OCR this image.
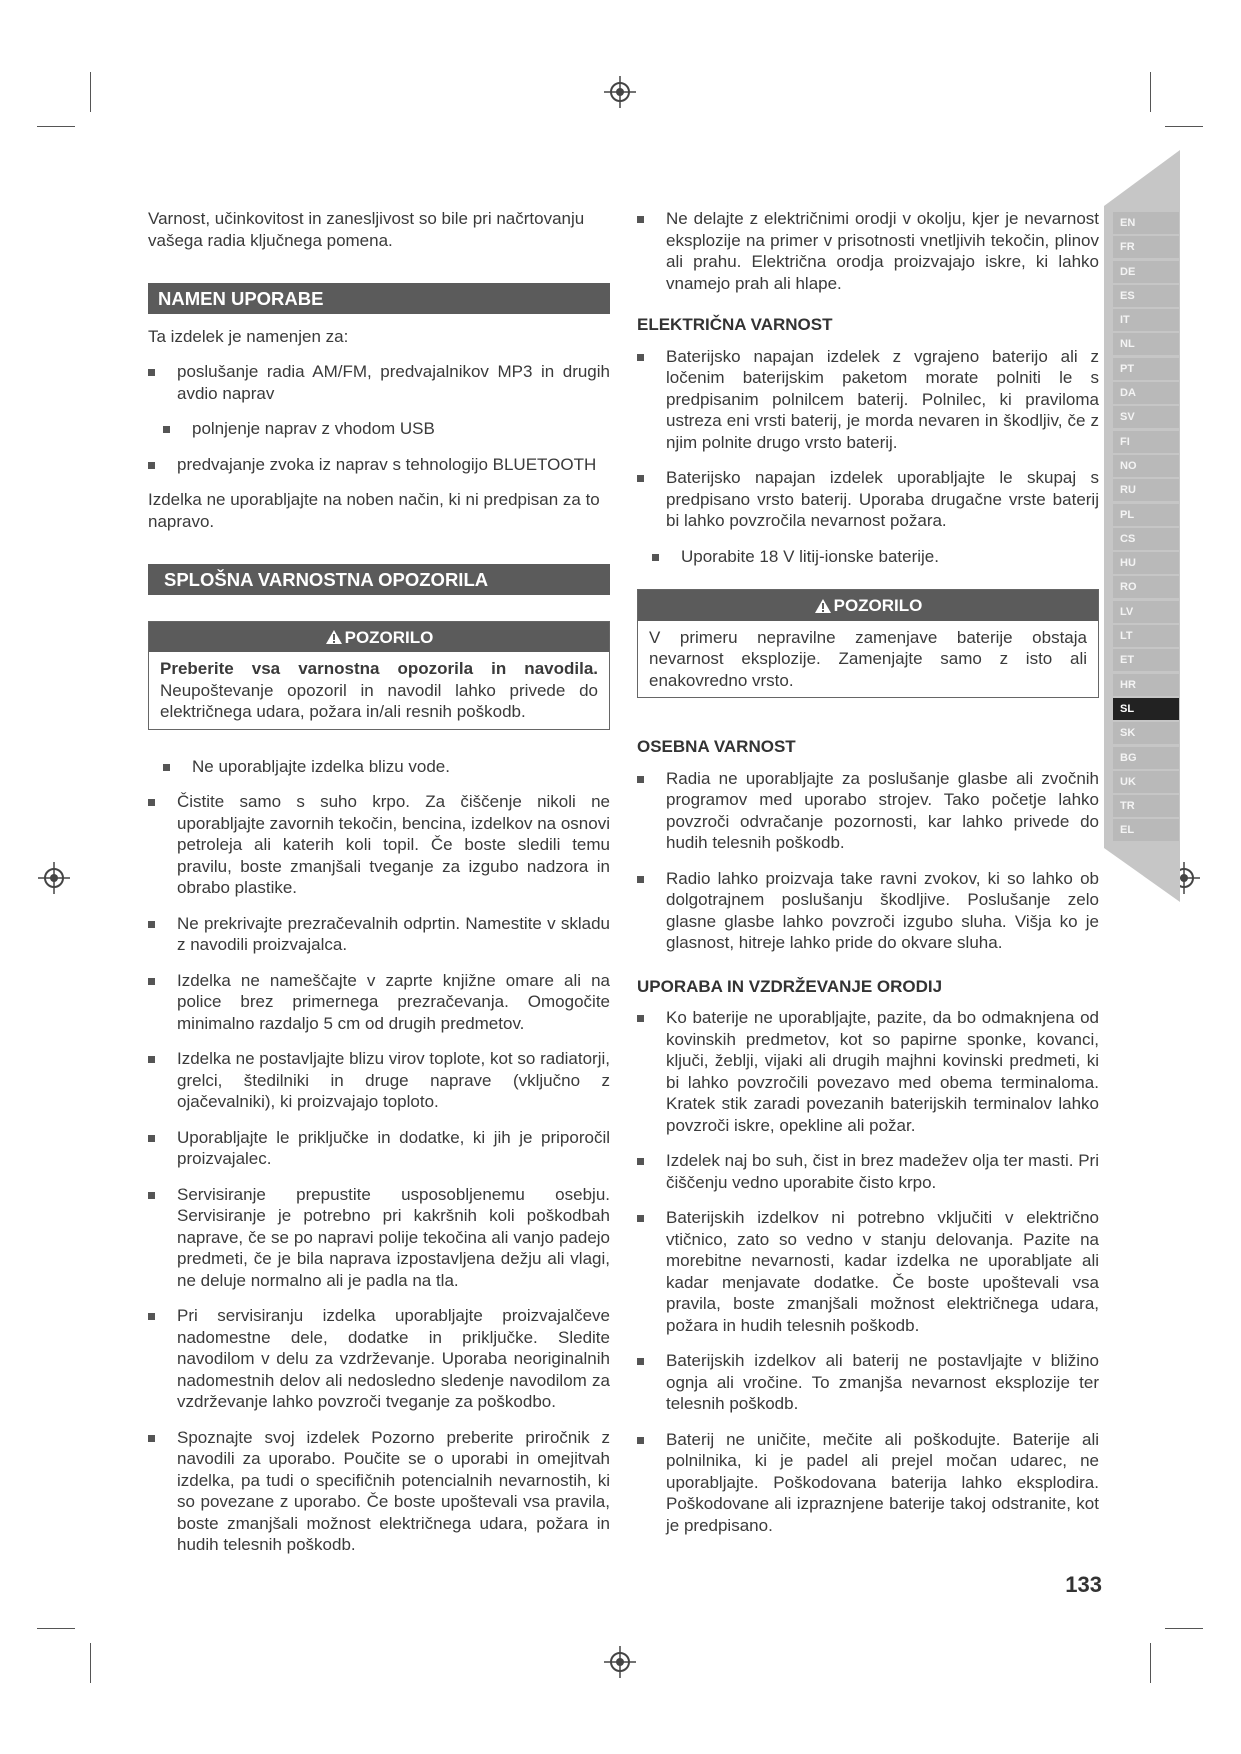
Varnost, učinkovitost in zanesljivost so bile pri načrtovanju vašega radia ključnega pomena.

NAMEN UPORABE

Ta izdelek je namenjen za:

poslušanje radia AM/FM, predvajalnikov MP3 in drugih avdio naprav
polnjenje naprav z vhodom USB
predvajanje zvoka iz naprav s tehnologijo BLUETOOTH

Izdelka ne uporabljajte na noben način, ki ni predpisan za to napravo.

SPLOŠNA VARNOSTNA OPOZORILA
POZORILO
Preberite vsa varnostna opozorila in navodila. Neupoštevanje opozoril in navodil lahko privede do električnega udara, požara in/ali resnih poškodb.
Ne uporabljajte izdelka blizu vode.
Čistite samo s suho krpo. Za čiščenje nikoli ne uporabljajte zavornih tekočin, bencina, izdelkov na osnovi petroleja ali katerih koli topil. Če boste sledili temu pravilu, boste zmanjšali tveganje za izgubo nadzora in obrabo plastike.
Ne prekrivajte prezračevalnih odprtin. Namestite v skladu z navodili proizvajalca.
Izdelka ne nameščajte v zaprte knjižne omare ali na police brez primernega prezračevanja. Omogočite minimalno razdaljo 5 cm od drugih predmetov.
Izdelka ne postavljajte blizu virov toplote, kot so radiatorji, grelci, štedilniki in druge naprave (vključno z ojačevalniki), ki proizvajajo toploto.
Uporabljajte le priključke in dodatke, ki jih je priporočil proizvajalec.
Servisiranje prepustite usposobljenemu osebju. Servisiranje je potrebno pri kakršnih koli poškodbah naprave, če se po napravi polije tekočina ali vanjo padejo predmeti, če je bila naprava izpostavljena dežju ali vlagi, ne deluje normalno ali je padla na tla.
Pri servisiranju izdelka uporabljajte proizvajalčeve nadomestne dele, dodatke in priključke. Sledite navodilom v delu za vzdrževanje. Uporaba neoriginalnih nadomestnih delov ali nedosledno sledenje navodilom za vzdrževanje lahko povzroči tveganje za poškodbo.
Spoznajte svoj izdelek Pozorno preberite priročnik z navodili za uporabo. Poučite se o uporabi in omejitvah izdelka, pa tudi o specifičnih potencialnih nevarnostih, ki so povezane z uporabo. Če boste upoštevali vsa pravila, boste zmanjšali možnost električnega udara, požara in hudih telesnih poškodb.
Ne delajte z električnimi orodji v okolju, kjer je nevarnost eksplozije na primer v prisotnosti vnetljivih tekočin, plinov ali prahu. Električna orodja proizvajajo iskre, ki lahko vnamejo prah ali hlape.
ELEKTRIČNA VARNOST
Baterijsko napajan izdelek z vgrajeno baterijo ali z ločenim baterijskim paketom morate polniti le s predpisanim polnilcem baterij. Polnilec, ki praviloma ustreza eni vrsti baterij, je morda nevaren in škodljiv, če z njim polnite drugo vrsto baterij.
Baterijsko napajan izdelek uporabljajte le skupaj s predpisano vrsto baterij. Uporaba drugačne vrste baterij bi lahko povzročila nevarnost požara.
Uporabite 18 V litij-ionske baterije.
POZORILO
V primeru nepravilne zamenjave baterije obstaja nevarnost eksplozije. Zamenjajte samo z isto ali enakovredno vrsto.
OSEBNA VARNOST
Radia ne uporabljajte za poslušanje glasbe ali zvočnih programov med uporabo strojev. Tako početje lahko povzroči odvračanje pozornosti, kar lahko privede do hudih telesnih poškodb.
Radio lahko proizvaja take ravni zvokov, ki so lahko ob dolgotrajnem poslušanju škodljive. Poslušanje zelo glasne glasbe lahko povzroči izgubo sluha. Višja ko je glasnost, hitreje lahko pride do okvare sluha.
UPORABA IN VZDRŽEVANJE ORODIJ
Ko baterije ne uporabljajte, pazite, da bo odmaknjena od kovinskih predmetov, kot so papirne sponke, kovanci, ključi, žeblji, vijaki ali drugih majhni kovinski predmeti, ki bi lahko povzročili povezavo med obema terminaloma. Kratek stik zaradi povezanih baterijskih terminalov lahko povzroči iskre, opekline ali požar.
Izdelek naj bo suh, čist in brez madežev olja ter masti. Pri čiščenju vedno uporabite čisto krpo.
Baterijskih izdelkov ni potrebno vključiti v električno vtičnico, zato so vedno v stanju delovanja. Pazite na morebitne nevarnosti, kadar izdelka ne uporabljate ali kadar menjavate dodatke. Če boste upoštevali vsa pravila, boste zmanjšali možnost električnega udara, požara in hudih telesnih poškodb.
Baterijskih izdelkov ali baterij ne postavljajte v bližino ognja ali vročine. To zmanjša nevarnost eksplozije ter telesnih poškodb.
Baterij ne uničite, mečite ali poškodujte. Baterije ali polnilnika, ki je padel ali prejel močan udarec, ne uporabljajte. Poškodovana baterija lahko eksplodira. Poškodovane ali izpraznjene baterije takoj odstranite, kot je predpisano.
EN
FR
DE
ES
IT
NL
PT
DA
SV
FI
NO
RU
PL
CS
HU
RO
LV
LT
ET
HR
SL
SK
BG
UK
TR
EL
133
